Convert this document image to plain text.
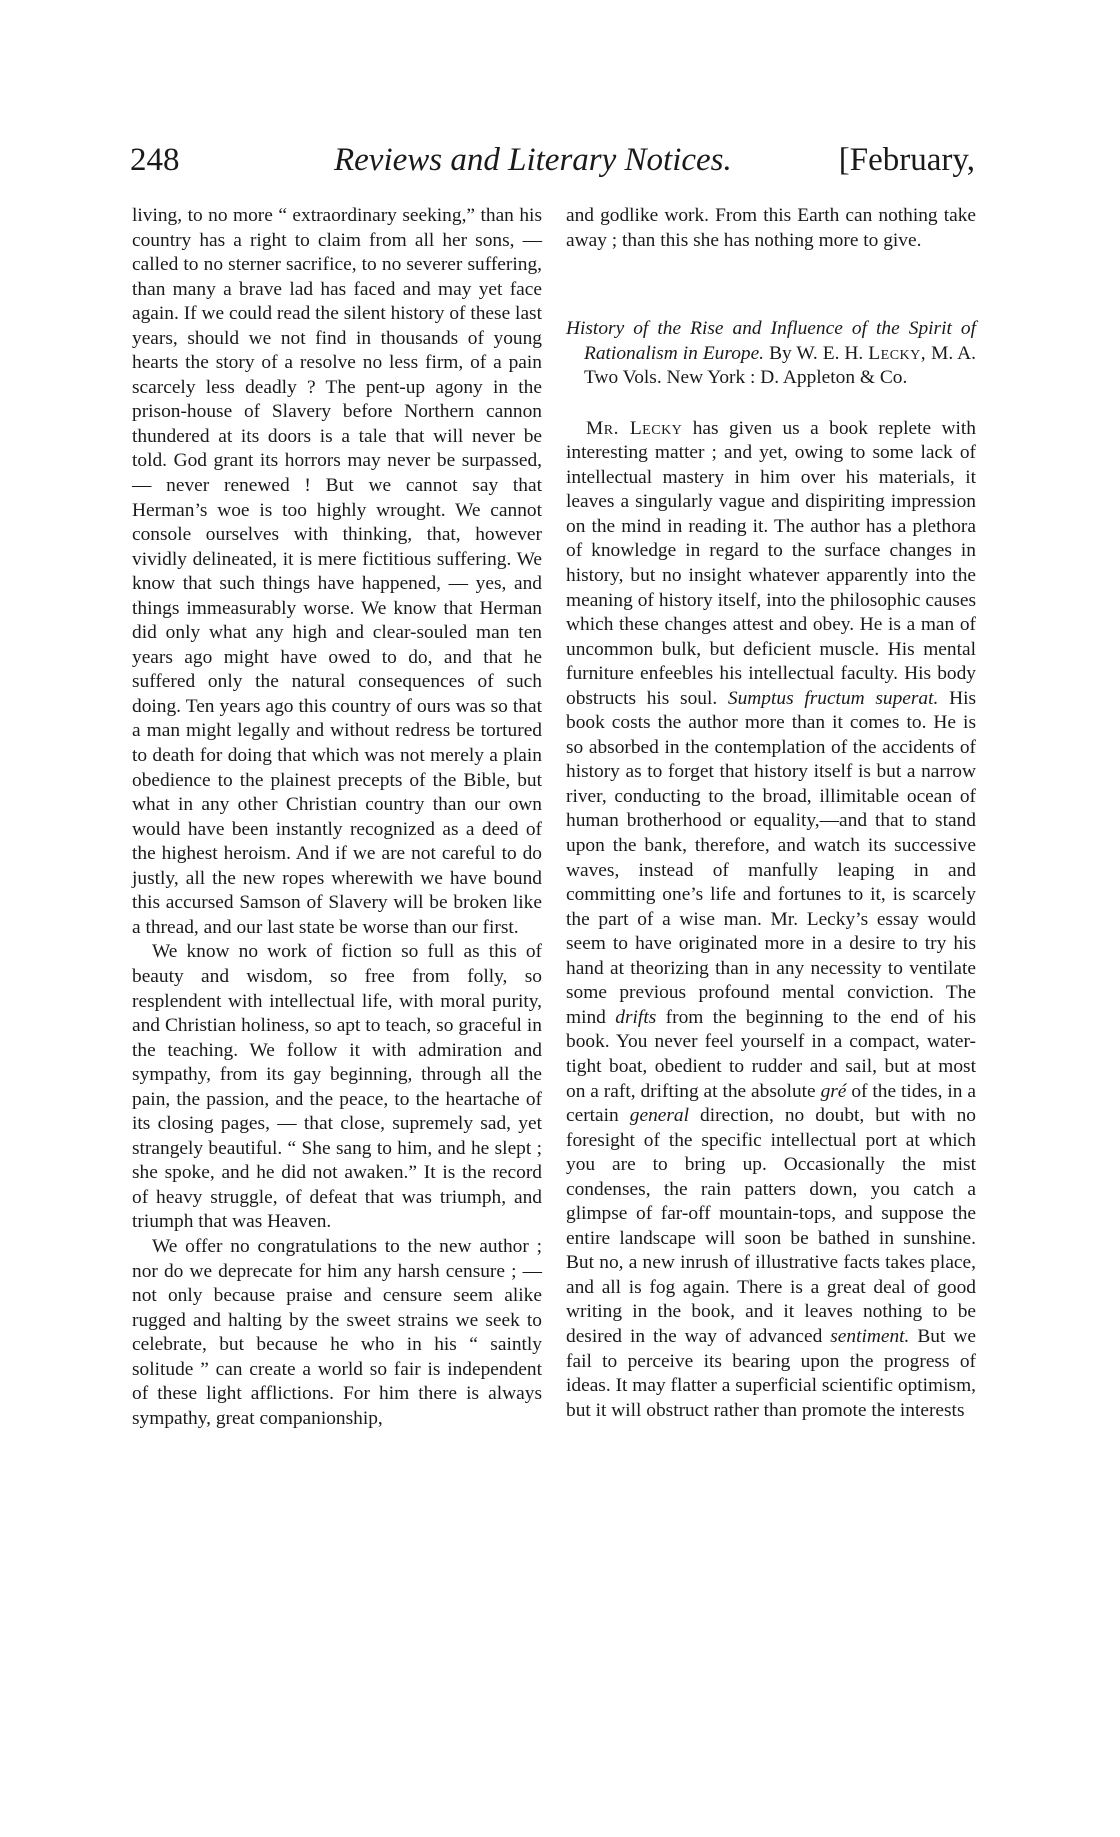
248	Reviews and Literary Notices.	[February,

living, to no more “ extraordinary seeking,” than his country has a right to claim from all her sons, — called to no sterner sacrifice, to no severer suffering, than many a brave lad has faced and may yet face again. If we could read the silent history of these last years, should we not find in thousands of young hearts the story of a resolve no less firm, of a pain scarcely less deadly ? The pent-up agony in the prison-house of Slavery before Northern cannon thundered at its doors is a tale that will never be told. God grant its horrors may never be surpassed, — never renewed ! But we cannot say that Herman’s woe is too highly wrought. We cannot console ourselves with thinking, that, however vividly delineated, it is mere fictitious suffering. We know that such things have happened, — yes, and things immeasurably worse. We know that Herman did only what any high and clear-souled man ten years ago might have owed to do, and that he suffered only the natural consequences of such doing. Ten years ago this country of ours was so that a man might legally and without redress be tortured to death for doing that which was not merely a plain obedience to the plainest precepts of the Bible, but what in any other Christian country than our own would have been instantly recognized as a deed of the highest heroism. And if we are not careful to do justly, all the new ropes wherewith we have bound this accursed Samson of Slavery will be broken like a thread, and our last state be worse than our first.

We know no work of fiction so full as this of beauty and wisdom, so free from folly, so resplendent with intellectual life, with moral purity, and Christian holiness, so apt to teach, so graceful in the teaching. We follow it with admiration and sympathy, from its gay beginning, through all the pain, the passion, and the peace, to the heartache of its closing pages, — that close, supremely sad, yet strangely beautiful. “ She sang to him, and he slept ; she spoke, and he did not awaken.” It is the record of heavy struggle, of defeat that was triumph, and triumph that was Heaven.

We offer no congratulations to the new author ; nor do we deprecate for him any harsh censure ; — not only because praise and censure seem alike rugged and halting by the sweet strains we seek to celebrate, but because he who in his “ saintly solitude ” can create a world so fair is independent of these light afflictions. For him there is always sympathy, great companionship,

and godlike work. From this Earth can nothing take away ; than this she has nothing more to give.

History of the Rise and Influence of the Spirit of Rationalism in Europe. By W. E. H. Lecky, M. A. Two Vols. New York : D. Appleton & Co.

Mr. Lecky has given us a book replete with interesting matter ; and yet, owing to some lack of intellectual mastery in him over his materials, it leaves a singularly vague and dispiriting impression on the mind in reading it. The author has a plethora of knowledge in regard to the surface changes in history, but no insight whatever apparently into the meaning of history itself, into the philosophic causes which these changes attest and obey. He is a man of uncommon bulk, but deficient muscle. His mental furniture enfeebles his intellectual faculty. His body obstructs his soul. Sumptus fructum superat. His book costs the author more than it comes to. He is so absorbed in the contemplation of the accidents of history as to forget that history itself is but a narrow river, conducting to the broad, illimitable ocean of human brotherhood or equality,—and that to stand upon the bank, therefore, and watch its successive waves, instead of manfully leaping in and committing one’s life and fortunes to it, is scarcely the part of a wise man. Mr. Lecky’s essay would seem to have originated more in a desire to try his hand at theorizing than in any necessity to ventilate some previous profound mental conviction. The mind drifts from the beginning to the end of his book. You never feel yourself in a compact, water-tight boat, obedient to rudder and sail, but at most on a raft, drifting at the absolute gré of the tides, in a certain general direction, no doubt, but with no foresight of the specific intellectual port at which you are to bring up. Occasionally the mist condenses, the rain patters down, you catch a glimpse of far-off mountain-tops, and suppose the entire landscape will soon be bathed in sunshine. But no, a new inrush of illustrative facts takes place, and all is fog again. There is a great deal of good writing in the book, and it leaves nothing to be desired in the way of advanced sentiment. But we fail to perceive its bearing upon the progress of ideas. It may flatter a superficial scientific optimism, but it will obstruct rather than promote the interests
